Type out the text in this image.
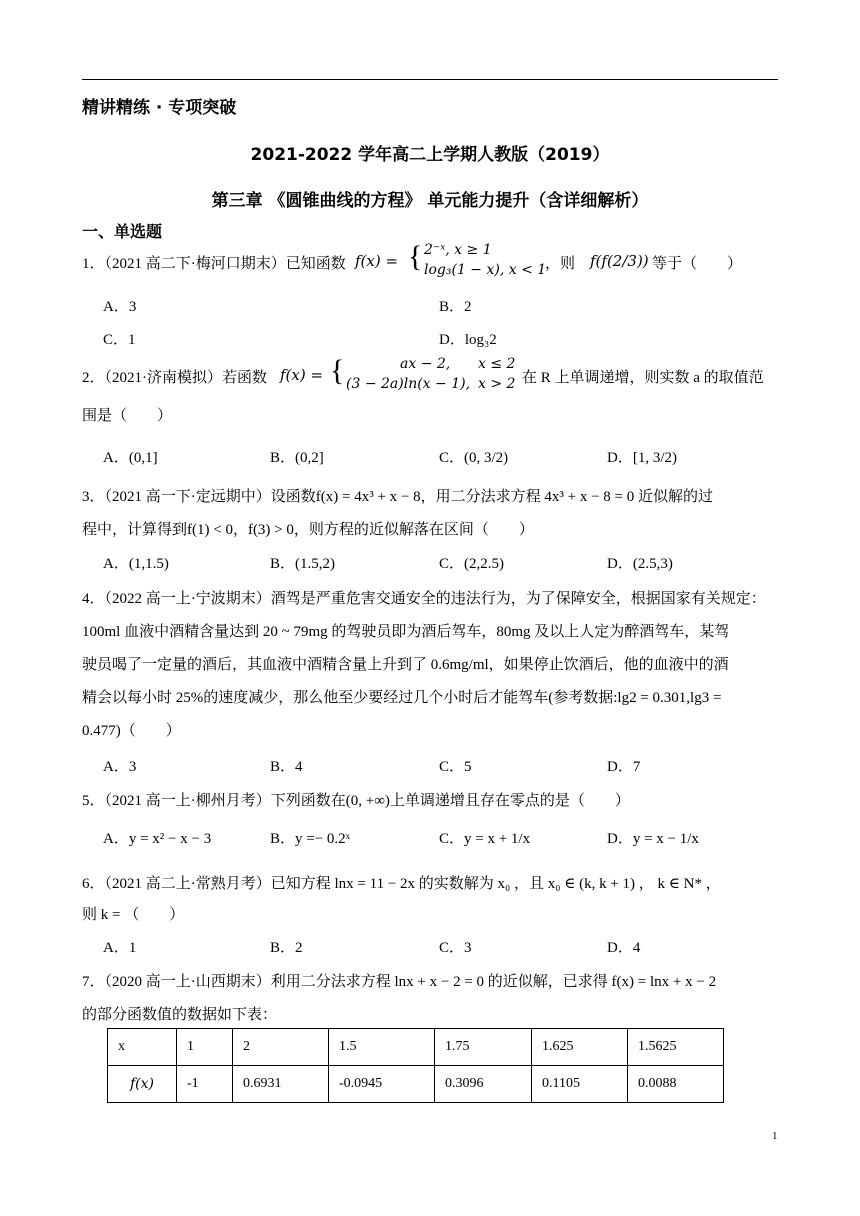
精讲精练 · 专项突破
2021-2022 学年高二上学期人教版（2019）
第三章 《圆锥曲线的方程》 单元能力提升（含详细解析）
一、单选题
1．（2021 高二下·梅河口期末）已知函数 f(x) = { 2⁻ˣ, x ≥ 1
log₃(1 − x), x < 1
，则 f(f(2/3)) 等于（　　）
A．3	B．2
C．1	D．log₃2
2．（2021·济南模拟）若函数 f(x) = {	ax − 2, x ≤ 2
(3 − 2a)ln(x − 1), x > 2 在 R 上单调递增，则实数 a 的取值范
围是（　　）
A．(0,1]	B．(0,2]	C．(0, 3/2)	D．[1, 3/2)
3．（2021 高一下·定远期中）设函数f(x) = 4x³ + x − 8，用二分法求方程 4x³ + x − 8 = 0 近似解的过
程中，计算得到f(1) < 0，f(3) > 0，则方程的近似解落在区间（　　）
A．(1,1.5)	B．(1.5,2)	C．(2,2.5)	D．(2.5,3)
4．（2022 高一上·宁波期末）酒驾是严重危害交通安全的违法行为，为了保障安全，根据国家有关规定：
100ml 血液中酒精含量达到 20 ~ 79mg 的驾驶员即为酒后驾车，80mg 及以上人定为醉酒驾车，某驾
驶员喝了一定量的酒后，其血液中酒精含量上升到了 0.6mg/ml，如果停止饮酒后，他的血液中的酒
精会以每小时 25%的速度减少，那么他至少要经过几个小时后才能驾车(参考数据:lg2 = 0.301,lg3 =
0.477)（　　）
A．3	B．4	C．5	D．7
5．（2021 高一上·柳州月考）下列函数在(0, +∞)上单调递增且存在零点的是（　　）
A．y = x² − x − 3	B．y =− 0.2ˣ	C．y = x + 1/x	D．y = x − 1/x
6．（2021 高二上·常熟月考）已知方程 lnx = 11 − 2x 的实数解为 x₀ ，且 x₀ ∈ (k, k + 1) ， k ∈ N* ，
则 k = （　　）
A．1	B．2	C．3	D．4
7．（2020 高一上·山西期末）利用二分法求方程 lnx + x − 2 = 0 的近似解，已求得 f(x) = lnx + x − 2
的部分函数值的数据如下表：
x	1	2	1.5	1.75	1.625	1.5625
f(x)	-1	0.6931	-0.0945	0.3096	0.1105	0.0088
1
